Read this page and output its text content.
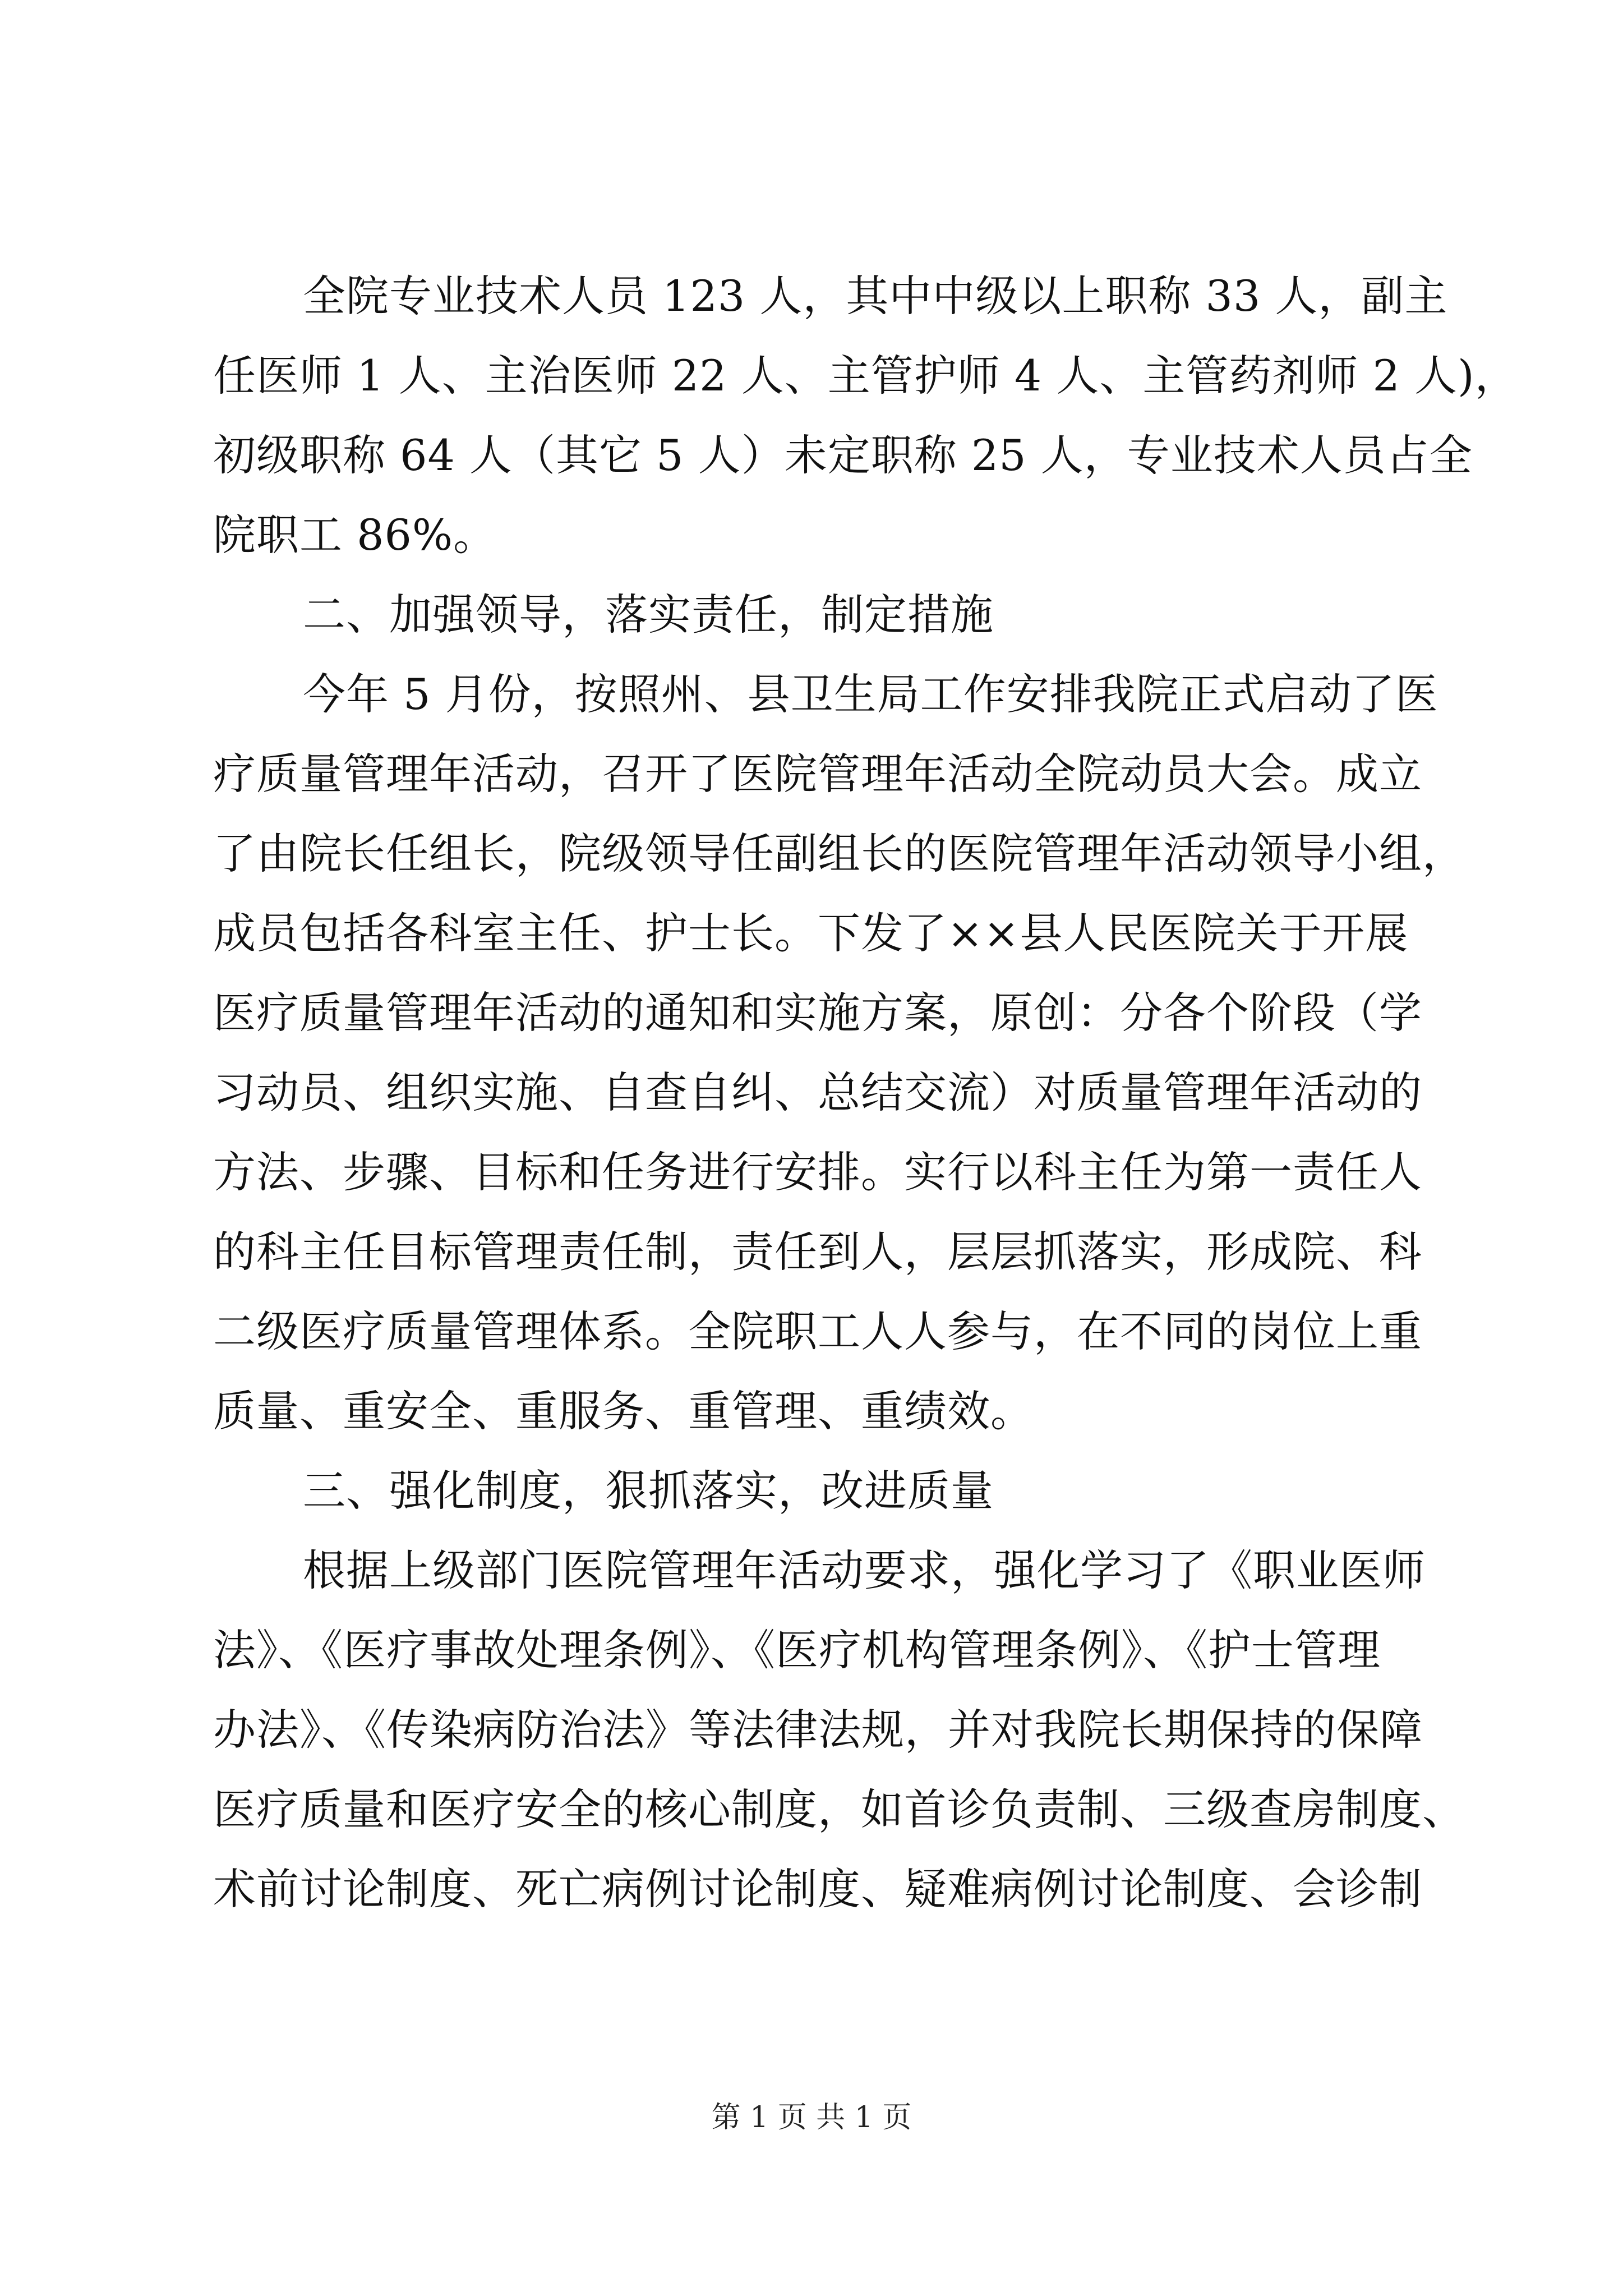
全院专业技术人员 123 人，其中中级以上职称 33 人，副主
任医师 1 人、主治医师 22 人、主管护师 4 人、主管药剂师 2 人)，
初级职称 64 人（其它 5 人）未定职称 25 人，专业技术人员占全
院职工 86%。
二、加强领导，落实责任，制定措施
今年 5 月份，按照州、县卫生局工作安排我院正式启动了医
疗质量管理年活动，召开了医院管理年活动全院动员大会。成立
了由院长任组长，院级领导任副组长的医院管理年活动领导小组，
成员包括各科室主任、护士长。下发了××县人民医院关于开展
医疗质量管理年活动的通知和实施方案，原创：分各个阶段（学
习动员、组织实施、自查自纠、总结交流）对质量管理年活动的
方法、步骤、目标和任务进行安排。实行以科主任为第一责任人
的科主任目标管理责任制，责任到人，层层抓落实，形成院、科
二级医疗质量管理体系。全院职工人人参与，在不同的岗位上重
质量、重安全、重服务、重管理、重绩效。
三、强化制度，狠抓落实，改进质量
根据上级部门医院管理年活动要求，强化学习了《职业医师
法》、《医疗事故处理条例》、《医疗机构管理条例》、《护士管理
办法》、《传染病防治法》等法律法规，并对我院长期保持的保障
医疗质量和医疗安全的核心制度，如首诊负责制、三级查房制度、
术前讨论制度、死亡病例讨论制度、疑难病例讨论制度、会诊制
第 1 页 共 1 页
